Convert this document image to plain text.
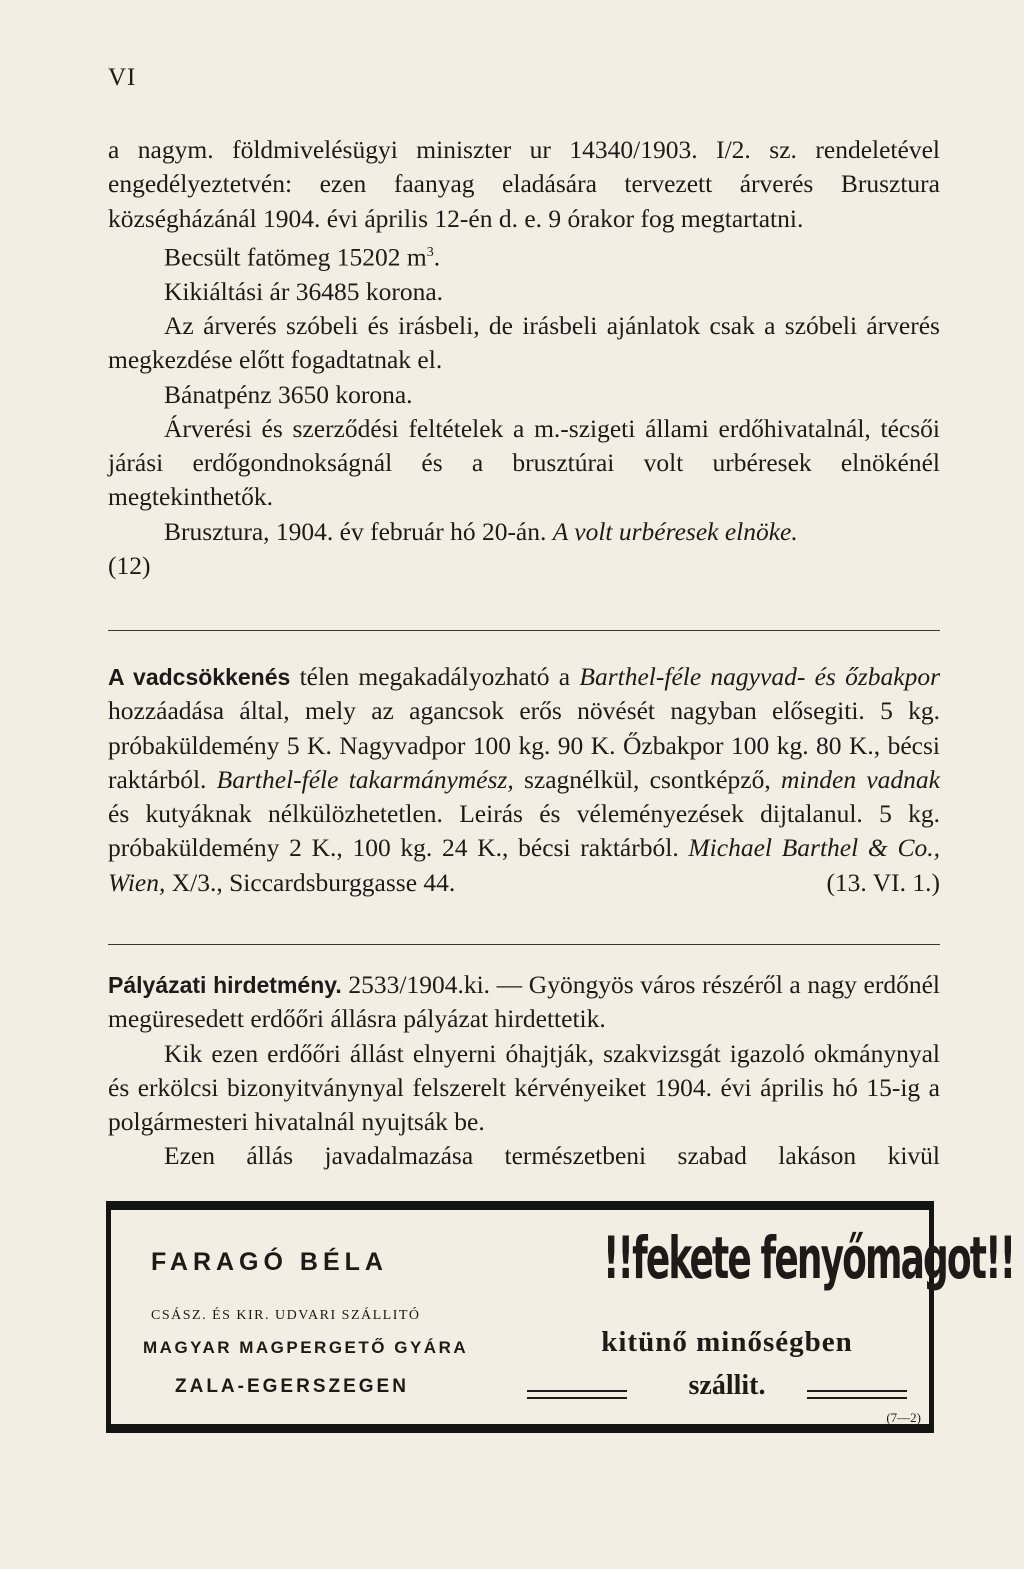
VI

a nagym. földmivelésügyi miniszter ur 14340/1903. I/2. sz. rendeletével engedélyeztetvén: ezen faanyag eladására tervezett árverés Brusztura községházánál 1904. évi április 12-én d. e. 9 órakor fog megtartatni.

Becsült fatömeg 15202 $m^3$.

Kikiáltási ár 36485 korona.

Az árverés szóbeli és irásbeli, de irásbeli ajánlatok csak a szóbeli árverés megkezdése előtt fogadtatnak el.

Bánatpénz 3650 korona.

Árverési és szerződési feltételek a m.-szigeti állami erdőhivatalnál, técsői járási erdőgondnokságnál és a brusztúrai volt urbéresek elnökénél megtekinthetők.

Brusztura, 1904. év február hó 20-án. A volt urbéresek elnöke.

(12)

A vadcsökkenés télen megakadályozható a Barthel-féle nagyvad- és őzbakpor hozzáadása által, mely az agancsok erős növését nagyban elősegiti. 5 kg. próbaküldemény 5 K. Nagyvadpor 100 kg. 90 K. Őzbakpor 100 kg. 80 K., bécsi raktárból. Barthel-féle takarmánymész, szagnélkül, csontképző, minden vadnak és kutyáknak nélkülözhetetlen. Leirás és véleményezések dijtalanul. 5 kg. próbaküldemény 2 K., 100 kg. 24 K., bécsi raktárból. Michael Barthel & Co., Wien, X/3., Siccardsburggasse 44.	(13. VI. 1.)

Pályázati hirdetmény. 2533/1904.ki. — Gyöngyös város részéről a nagy erdőnél megüresedett erdőőri állásra pályázat hirdettetik.

Kik ezen erdőőri állást elnyerni óhajtják, szakvizsgát igazoló okmánynyal és erkölcsi bizonyitványnyal felszerelt kérvényeiket 1904. évi április hó 15-ig a polgármesteri hivatalnál nyujtsák be.

Ezen állás javadalmazása természetbeni szabad lakáson kivül

FARAGÓ BÉLA
CSÁSZ. ÉS KIR. UDVARI SZÁLLITÓ
MAGYAR MAGPERGETŐ GYÁRA
ZALA-EGERSZEGEN
!!fekete fenyőmagot!!
kitünő minőségben
szállit.
(7—2)
